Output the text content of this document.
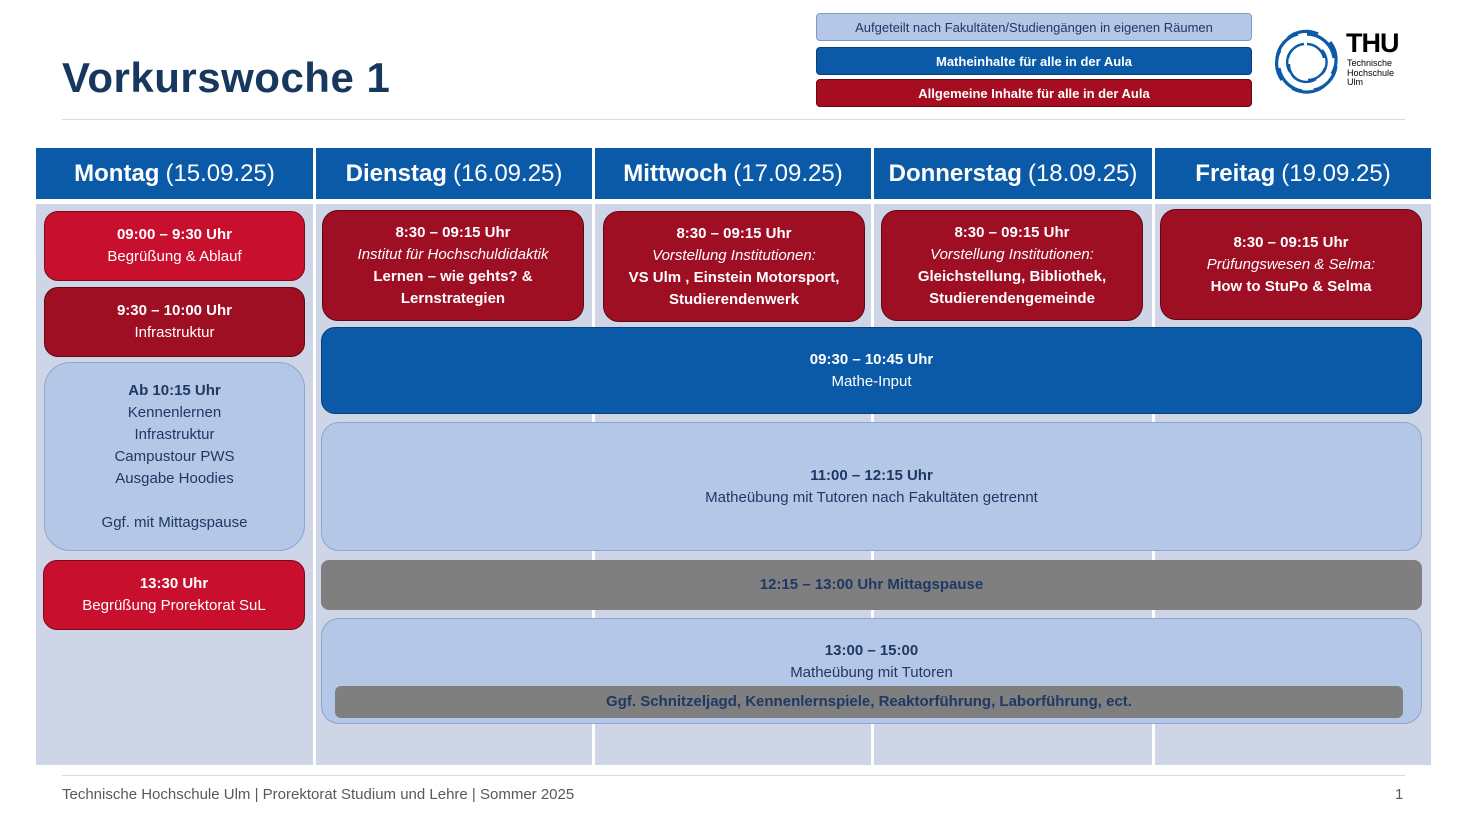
Vorkurswoche 1
Aufgeteilt nach Fakultäten/Studiengängen in eigenen Räumen
Matheinhalte für alle in der Aula
Allgemeine Inhalte für alle in der Aula
THU
Technische
Hochschule
Ulm
Montag (15.09.25)	Dienstag (16.09.25)	Mittwoch (17.09.25) Donnerstag (18.09.25) Freitag (19.09.25)
09:00 – 9:30 Uhr
Begrüßung & Ablauf
9:30 – 10:00 Uhr
Infrastruktur
Ab 10:15 Uhr
Kennenlernen
Infrastruktur
Campustour PWS
Ausgabe Hoodies
Ggf. mit Mittagspause
13:30 Uhr
Begrüßung Prorektorat SuL
8:30 – 09:15 Uhr
Institut für Hochschuldidaktik
Lernen – wie gehts? &
Lernstrategien
8:30 – 09:15 Uhr
Vorstellung Institutionen:
VS Ulm , Einstein Motorsport,
Studierendenwerk
8:30 – 09:15 Uhr
Vorstellung Institutionen:
Gleichstellung, Bibliothek,
Studierendengemeinde
8:30 – 09:15 Uhr
Prüfungswesen & Selma:
How to StuPo & Selma
09:30 – 10:45 Uhr
Mathe-Input
11:00 – 12:15 Uhr
Matheübung mit Tutoren nach Fakultäten getrennt
12:15 – 13:00 Uhr Mittagspause
13:00 – 15:00
Matheübung mit Tutoren
Ggf. Schnitzeljagd, Kennenlernspiele, Reaktorführung, Laborführung, ect.
Technische Hochschule Ulm | Prorektorat Studium und Lehre | Sommer 2025	1
